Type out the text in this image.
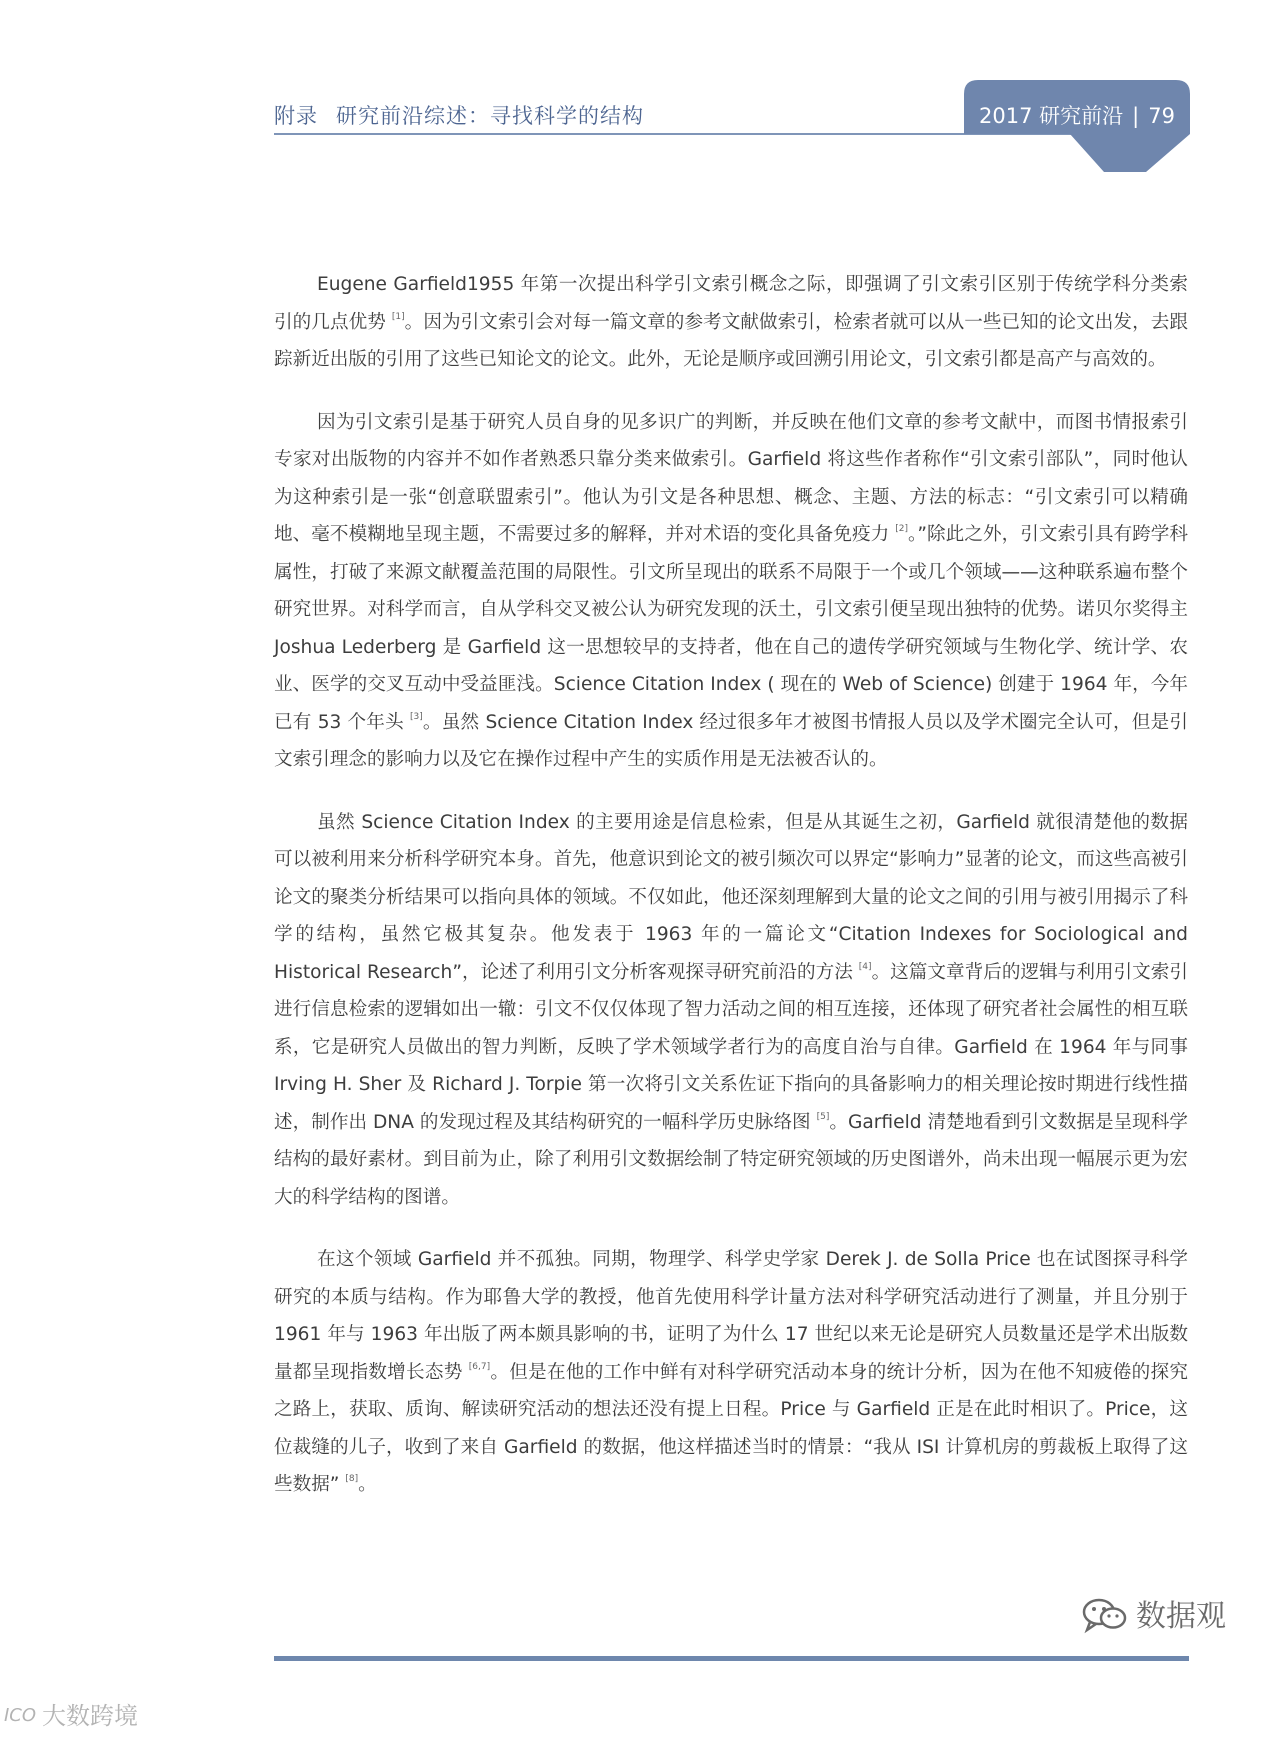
附录 研究前沿综述：寻找科学的结构	2017 研究前沿 | 79

Eugene Garfield1955 年第一次提出科学引文索引概念之际，即强调了引文索引区别于传统学科分类索引的几点优势 [1]。因为引文索引会对每一篇文章的参考文献做索引，检索者就可以从一些已知的论文出发，去跟踪新近出版的引用了这些已知论文的论文。此外，无论是顺序或回溯引用论文，引文索引都是高产与高效的。

因为引文索引是基于研究人员自身的见多识广的判断，并反映在他们文章的参考文献中，而图书情报索引专家对出版物的内容并不如作者熟悉只靠分类来做索引。Garfield 将这些作者称作“引文索引部队”，同时他认为这种索引是一张“创意联盟索引”。他认为引文是各种思想、概念、主题、方法的标志：“引文索引可以精确地、毫不模糊地呈现主题，不需要过多的解释，并对术语的变化具备免疫力 [2]。”除此之外，引文索引具有跨学科属性，打破了来源文献覆盖范围的局限性。引文所呈现出的联系不局限于一个或几个领域——这种联系遍布整个研究世界。对科学而言，自从学科交叉被公认为研究发现的沃土，引文索引便呈现出独特的优势。诺贝尔奖得主 Joshua Lederberg 是 Garfield 这一思想较早的支持者，他在自己的遗传学研究领域与生物化学、统计学、农业、医学的交叉互动中受益匪浅。Science Citation Index ( 现在的 Web of Science) 创建于 1964 年，今年已有 53 个年头 [3]。虽然 Science Citation Index 经过很多年才被图书情报人员以及学术圈完全认可，但是引文索引理念的影响力以及它在操作过程中产生的实质作用是无法被否认的。

虽然 Science Citation Index 的主要用途是信息检索，但是从其诞生之初，Garfield 就很清楚他的数据可以被利用来分析科学研究本身。首先，他意识到论文的被引频次可以界定“影响力”显著的论文，而这些高被引论文的聚类分析结果可以指向具体的领域。不仅如此，他还深刻理解到大量的论文之间的引用与被引用揭示了科学的结构，虽然它极其复杂。他发表于 1963 年的一篇论文“Citation Indexes for Sociological and Historical Research”，论述了利用引文分析客观探寻研究前沿的方法 [4]。这篇文章背后的逻辑与利用引文索引进行信息检索的逻辑如出一辙：引文不仅仅体现了智力活动之间的相互连接，还体现了研究者社会属性的相互联系，它是研究人员做出的智力判断，反映了学术领域学者行为的高度自治与自律。Garfield 在 1964 年与同事 Irving H. Sher 及 Richard J. Torpie 第一次将引文关系佐证下指向的具备影响力的相关理论按时期进行线性描述，制作出 DNA 的发现过程及其结构研究的一幅科学历史脉络图 [5]。Garfield 清楚地看到引文数据是呈现科学结构的最好素材。到目前为止，除了利用引文数据绘制了特定研究领域的历史图谱外，尚未出现一幅展示更为宏大的科学结构的图谱。

在这个领域 Garfield 并不孤独。同期，物理学、科学史学家 Derek J. de Solla Price 也在试图探寻科学研究的本质与结构。作为耶鲁大学的教授，他首先使用科学计量方法对科学研究活动进行了测量，并且分别于 1961 年与 1963 年出版了两本颇具影响的书，证明了为什么 17 世纪以来无论是研究人员数量还是学术出版数量都呈现指数增长态势 [6,7]。但是在他的工作中鲜有对科学研究活动本身的统计分析，因为在他不知疲倦的探究之路上，获取、质询、解读研究活动的想法还没有提上日程。Price 与 Garfield 正是在此时相识了。Price，这位裁缝的儿子，收到了来自 Garfield 的数据，他这样描述当时的情景：“我从 ISI 计算机房的剪裁板上取得了这些数据” [8]。

数据观
ICO 大数跨境
